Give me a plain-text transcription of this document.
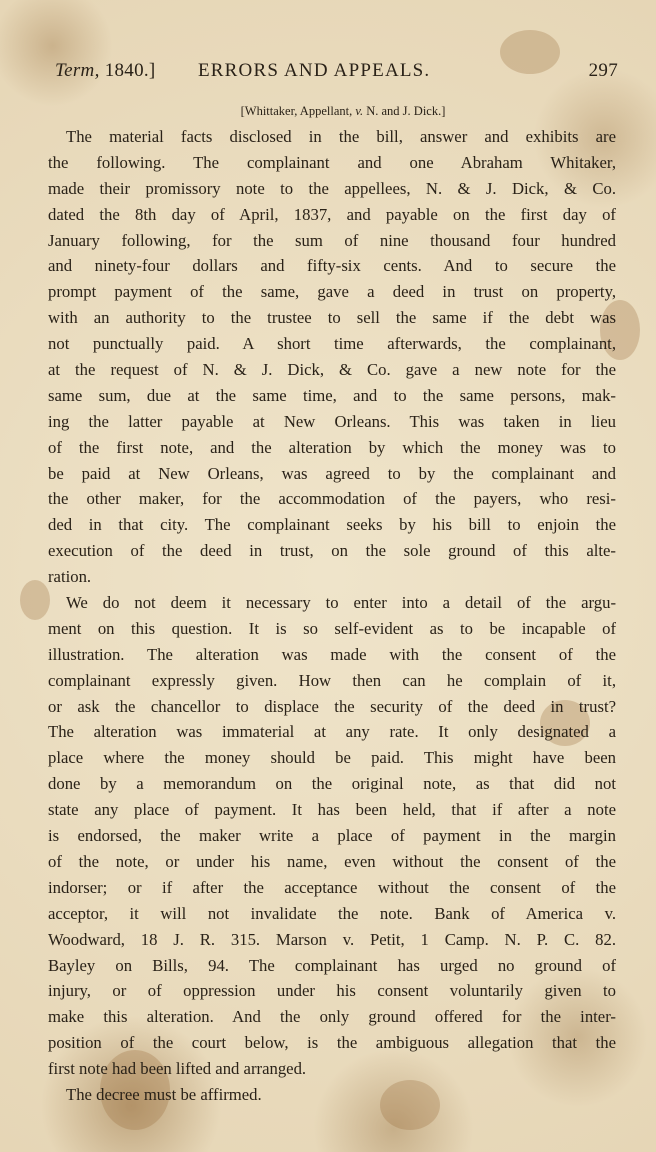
Term, 1840.] ERRORS AND APPEALS.	297
[Whittaker, Appellant, v. N. and J. Dick.]
The material facts disclosed in the bill, answer and exhibits are
the following. The complainant and one Abraham Whitaker,
made their promissory note to the appellees, N. & J. Dick, & Co.
dated the 8th day of April, 1837, and payable on the first day of
January following, for the sum of nine thousand four hundred
and ninety-four dollars and fifty-six cents. And to secure the
prompt payment of the same, gave a deed in trust on property,
with an authority to the trustee to sell the same if the debt was
not punctually paid. A short time afterwards, the complainant,
at the request of N. & J. Dick, & Co. gave a new note for the
same sum, due at the same time, and to the same persons, mak-
ing the latter payable at New Orleans. This was taken in lieu
of the first note, and the alteration by which the money was to
be paid at New Orleans, was agreed to by the complainant and
the other maker, for the accommodation of the payers, who resi-
ded in that city. The complainant seeks by his bill to enjoin the
execution of the deed in trust, on the sole ground of this alte-
ration.
We do not deem it necessary to enter into a detail of the argu-
ment on this question. It is so self-evident as to be incapable of
illustration. The alteration was made with the consent of the
complainant expressly given. How then can he complain of it,
or ask the chancellor to displace the security of the deed in trust?
The alteration was immaterial at any rate. It only designated a
place where the money should be paid. This might have been
done by a memorandum on the original note, as that did not
state any place of payment. It has been held, that if after a note
is endorsed, the maker write a place of payment in the margin
of the note, or under his name, even without the consent of the
indorser; or if after the acceptance without the consent of the
acceptor, it will not invalidate the note. Bank of America v.
Woodward, 18 J. R. 315. Marson v. Petit, 1 Camp. N. P. C. 82.
Bayley on Bills, 94. The complainant has urged no ground of
injury, or of oppression under his consent voluntarily given to
make this alteration. And the only ground offered for the inter-
position of the court below, is the ambiguous allegation that the
first note had been lifted and arranged.
The decree must be affirmed.
